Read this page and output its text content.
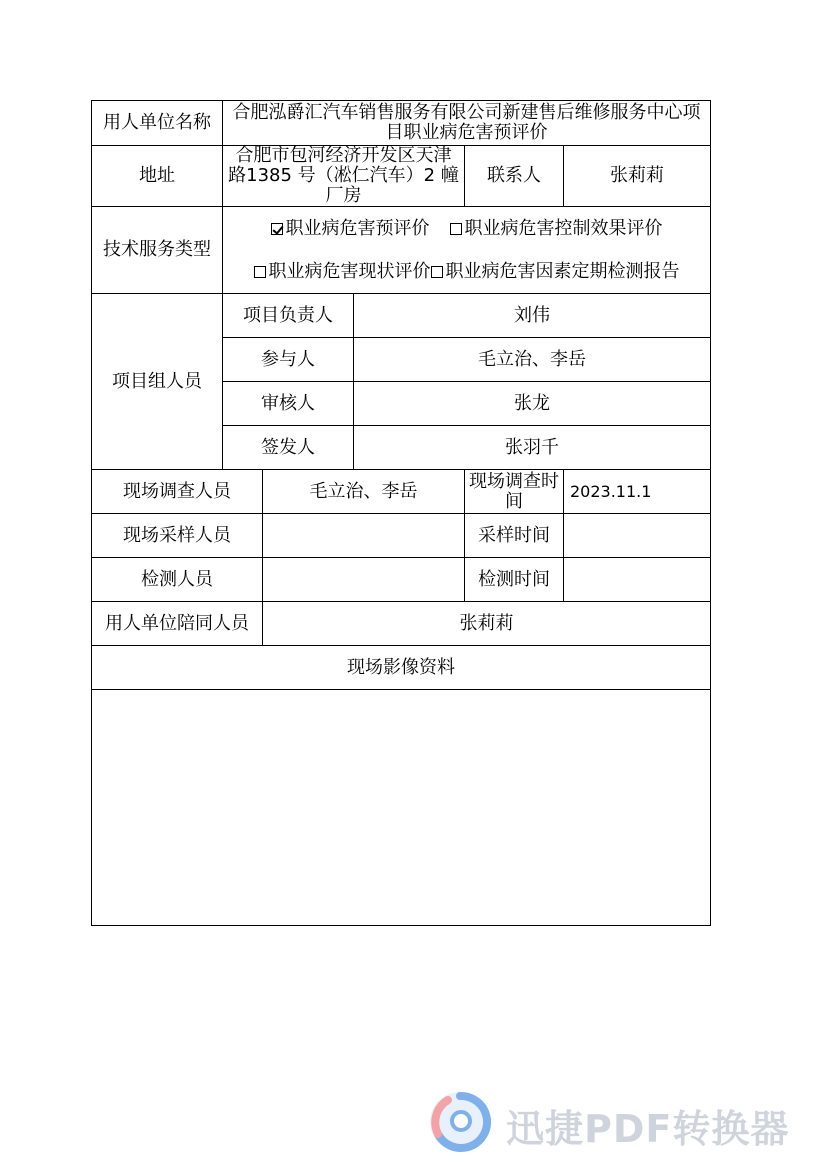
用人单位名称	合肥泓爵汇汽车销售服务有限公司新建售后维修服务中心项目职业病危害预评价				
地址	合肥市包河经济开发区天津路1385 号（凇仁汽车）2 幢厂房			联系人	张莉莉
技术服务类型	职业病危害预评价 职业病危害控制效果评价
职业病危害现状评价 职业病危害因素定期检测报告				

项目组人员	项目负责人		刘伟		
	参与人		毛立治、李岳		
	审核人		张龙		
	签发人		张羽千		
现场调查人员		毛立治、李岳		现场调查时间	2023.11.1
现场采样人员				采样时间	
检测人员				检测时间	
用人单位陪同人员		张莉莉			
现场影像资料					

迅捷PDF转换器
